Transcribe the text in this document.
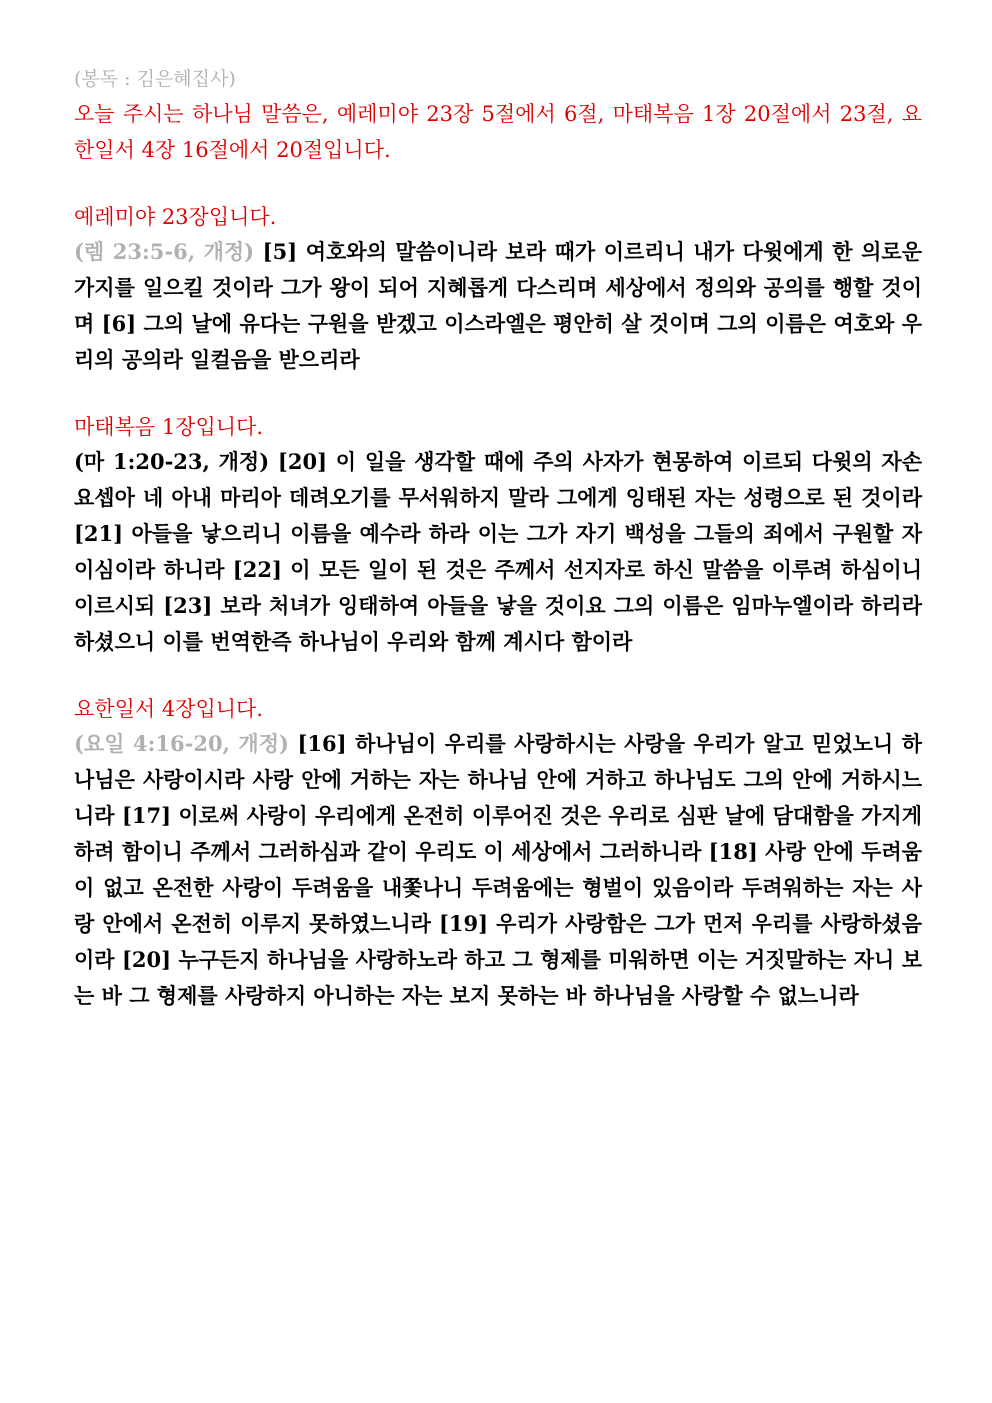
(봉독 : 김은혜집사)

오늘 주시는 하나님 말씀은, 예레미야 23장 5절에서 6절, 마태복음 1장 20절에서 23절, 요한일서 4장 16절에서 20절입니다.

예레미야 23장입니다.

(렘 23:5-6, 개정) [5] 여호와의 말씀이니라 보라 때가 이르리니 내가 다윗에게 한 의로운 가지를 일으킬 것이라 그가 왕이 되어 지혜롭게 다스리며 세상에서 정의와 공의를 행할 것이며 [6] 그의 날에 유다는 구원을 받겠고 이스라엘은 평안히 살 것이며 그의 이름은 여호와 우리의 공의라 일컬음을 받으리라

마태복음 1장입니다.

(마 1:20-23, 개정) [20] 이 일을 생각할 때에 주의 사자가 현몽하여 이르되 다윗의 자손 요셉아 네 아내 마리아 데려오기를 무서워하지 말라 그에게 잉태된 자는 성령으로 된 것이라 [21] 아들을 낳으리니 이름을 예수라 하라 이는 그가 자기 백성을 그들의 죄에서 구원할 자이심이라 하니라 [22] 이 모든 일이 된 것은 주께서 선지자로 하신 말씀을 이루려 하심이니 이르시되 [23] 보라 처녀가 잉태하여 아들을 낳을 것이요 그의 이름은 임마누엘이라 하리라 하셨으니 이를 번역한즉 하나님이 우리와 함께 계시다 함이라

요한일서 4장입니다.

(요일 4:16-20, 개정) [16] 하나님이 우리를 사랑하시는 사랑을 우리가 알고 믿었노니 하나님은 사랑이시라 사랑 안에 거하는 자는 하나님 안에 거하고 하나님도 그의 안에 거하시느니라 [17] 이로써 사랑이 우리에게 온전히 이루어진 것은 우리로 심판 날에 담대함을 가지게 하려 함이니 주께서 그러하심과 같이 우리도 이 세상에서 그러하니라 [18] 사랑 안에 두려움이 없고 온전한 사랑이 두려움을 내쫓나니 두려움에는 형벌이 있음이라 두려워하는 자는 사랑 안에서 온전히 이루지 못하였느니라 [19] 우리가 사랑함은 그가 먼저 우리를 사랑하셨음이라 [20] 누구든지 하나님을 사랑하노라 하고 그 형제를 미워하면 이는 거짓말하는 자니 보는 바 그 형제를 사랑하지 아니하는 자는 보지 못하는 바 하나님을 사랑할 수 없느니라
